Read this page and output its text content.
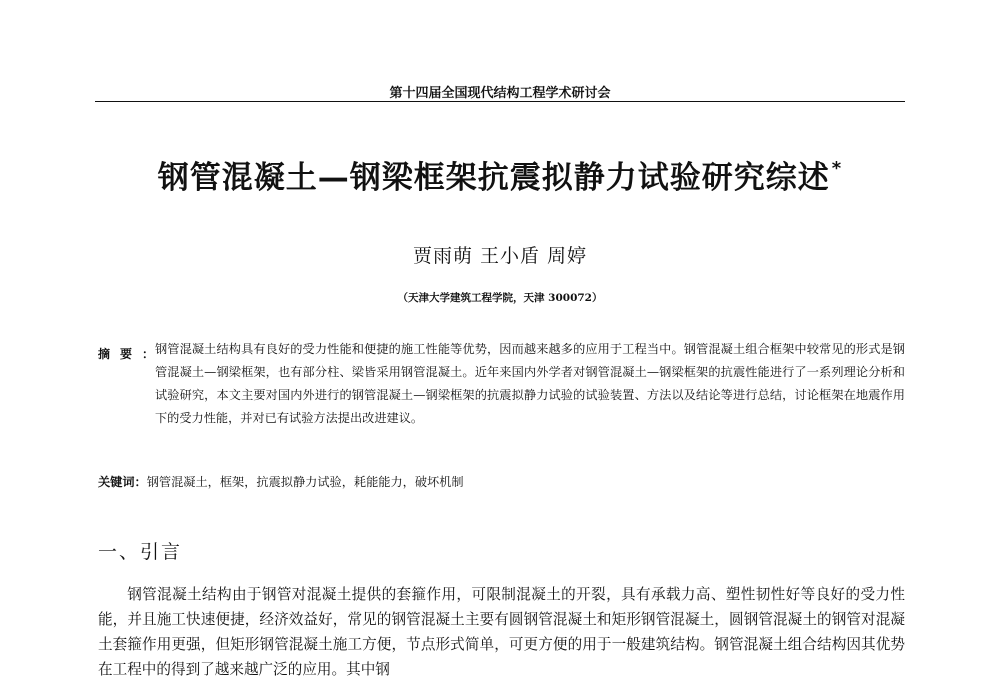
第十四届全国现代结构工程学术研讨会
钢管混凝土—钢梁框架抗震拟静力试验研究综述 *
贾雨萌 王小盾 周婷
（天津大学建筑工程学院，天津 300072）
摘要：
钢管混凝土结构具有良好的受力性能和便捷的施工性能等优势，因而越来越多的应用于工程当中。钢管混凝土组合框架中较常见的形式是钢管混凝土—钢梁框架，也有部分柱、梁皆采用钢管混凝土。近年来国内外学者对钢管混凝土—钢梁框架的抗震性能进行了一系列理论分析和试验研究，本文主要对国内外进行的钢管混凝土—钢梁框架的抗震拟静力试验的试验装置、方法以及结论等进行总结，讨论框架在地震作用下的受力性能，并对已有试验方法提出改进建议。
关键词：钢管混凝土，框架，抗震拟静力试验，耗能能力，破坏机制
一、引言

钢管混凝土结构由于钢管对混凝土提供的套箍作用，可限制混凝土的开裂，具有承载力高、塑性韧性好等良好的受力性能，并且施工快速便捷，经济效益好，常见的钢管混凝土主要有圆钢管混凝土和矩形钢管混凝土，圆钢管混凝土的钢管对混凝土套箍作用更强，但矩形钢管混凝土施工方便，节点形式简单，可更方便的用于一般建筑结构。钢管混凝土组合结构因其优势在工程中的得到了越来越广泛的应用。其中钢
